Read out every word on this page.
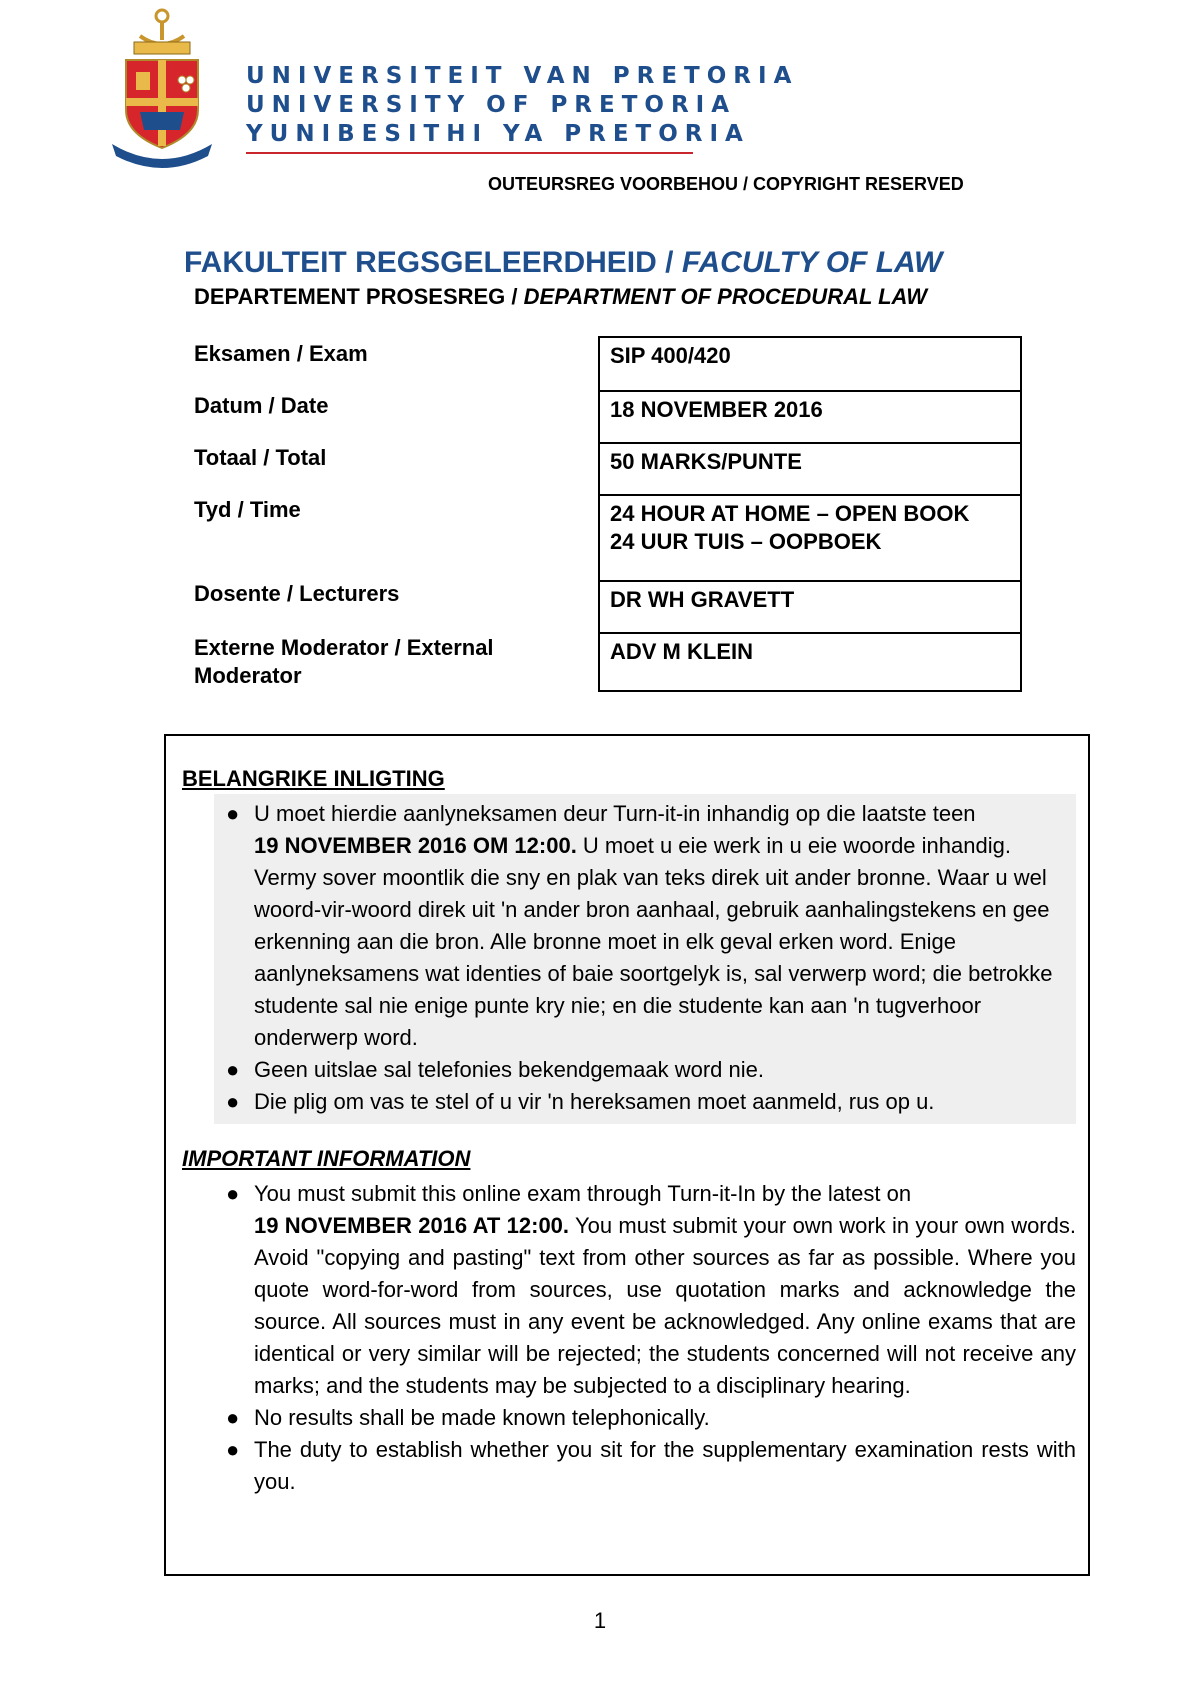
UNIVERSITEIT VAN PRETORIA
UNIVERSITY OF PRETORIA
YUNIBESITHI YA PRETORIA
OUTEURSREG VOORBEHOU / COPYRIGHT RESERVED
FAKULTEIT REGSGELEERDHEID / FACULTY OF LAW
DEPARTEMENT PROSESREG / DEPARTMENT OF PROCEDURAL LAW
Eksamen / Exam
Datum / Date
Totaal / Total
Tyd / Time
Dosente / Lecturers
Externe Moderator / External
Moderator
SIP 400/420
18 NOVEMBER 2016
50 MARKS/PUNTE
24 HOUR AT HOME – OPEN BOOK
24 UUR TUIS – OOPBOEK
DR WH GRAVETT
ADV M KLEIN
BELANGRIKE INLIGTING
● U moet hierdie aanlyneksamen deur Turn-it-in inhandig op die laatste teen
19 NOVEMBER 2016 OM 12:00. U moet u eie werk in u eie woorde inhandig. Vermy sover moontlik die sny en plak van teks direk uit ander bronne. Waar u wel woord-vir-woord direk uit 'n ander bron aanhaal, gebruik aanhalingstekens en gee erkenning aan die bron. Alle bronne moet in elk geval erken word. Enige aanlyneksamens wat identies of baie soortgelyk is, sal verwerp word; die betrokke studente sal nie enige punte kry nie; en die studente kan aan 'n tugverhoor onderwerp word.
● Geen uitslae sal telefonies bekendgemaak word nie.
● Die plig om vas te stel of u vir 'n hereksamen moet aanmeld, rus op u.
IMPORTANT INFORMATION
● You must submit this online exam through Turn-it-In by the latest on
19 NOVEMBER 2016 AT 12:00. You must submit your own work in your own words. Avoid "copying and pasting" text from other sources as far as possible. Where you quote word-for-word from sources, use quotation marks and acknowledge the source. All sources must in any event be acknowledged. Any online exams that are identical or very similar will be rejected; the students concerned will not receive any marks; and the students may be subjected to a disciplinary hearing.
● No results shall be made known telephonically.
● The duty to establish whether you sit for the supplementary examination rests with you.
1
